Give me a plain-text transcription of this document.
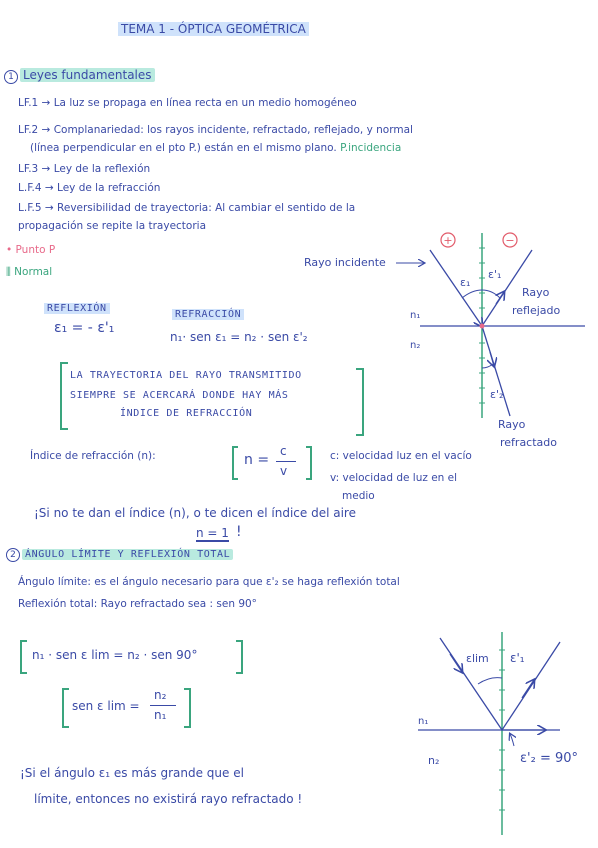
TEMA 1 - ÓPTICA GEOMÉTRICA
1 Leyes fundamentales
LF.1 → La luz se propaga en línea recta en un medio homogéneo
LF.2 → Complanariedad: los rayos incidente, refractado, reflejado, y normal
(línea perpendicular en el pto P.) están en el mismo plano. P.incidencia
LF.3 → Ley de la reflexión
L.F.4 → Ley de la refracción
L.F.5 → Reversibilidad de trayectoria: Al cambiar el sentido de la
propagación se repite la trayectoria
• Punto P
⫼ Normal
REFLEXIÓN
ε₁ = - ε'₁
REFRACCIÓN
n₁· sen ε₁ = n₂ · sen ε'₂
LA TRAYECTORIA DEL RAYO TRANSMITIDO
SIEMPRE SE ACERCARÁ DONDE HAY MÁS
ÍNDICE DE REFRACCIÓN
Índice de refracción (n):	n =
c
v
c: velocidad luz en el vacío
v: velocidad de luz en el
medio
¡Si no te dan el índice (n), o te dicen el índice del aire
n = 1 !
2 ÁNGULO LÍMITE Y REFLEXIÓN TOTAL
Ángulo límite: es el ángulo necesario para que ε'₂ se haga reflexión total
Reflexión total: Rayo refractado sea : sen 90°
n₁ · sen ε lim = n₂ · sen 90°
sen ε lim =
n₂
n₁
¡Si el ángulo ε₁ es más grande que el
límite, entonces no existirá rayo refractado !
+	−
Rayo incidente
Rayo
reflejado
Rayo
refractado
n₁
n₂
ε₁
ε'₁
ε'₂
εlim ε'₁
n₁
n₂	ε'₂ = 90°
